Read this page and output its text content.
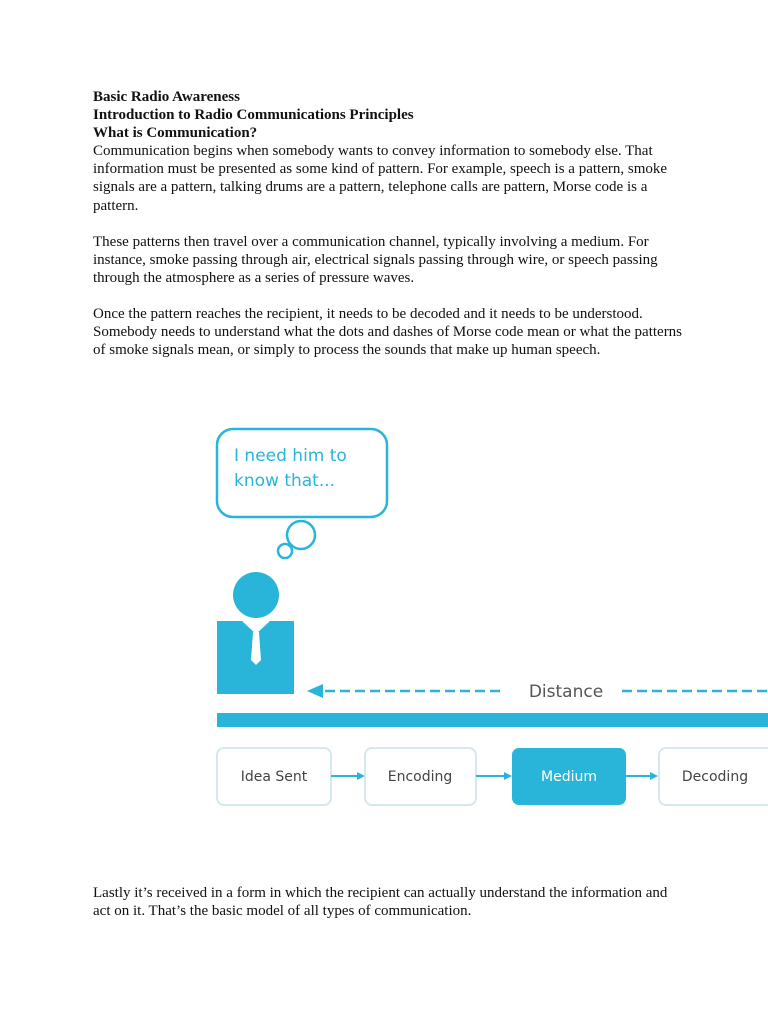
Basic Radio Awareness
Introduction to Radio Communications Principles
What is Communication?
Communication begins when somebody wants to convey information to somebody else. That information must be presented as some kind of pattern. For example, speech is a pattern, smoke signals are a pattern, talking drums are a pattern, telephone calls are pattern, Morse code is a pattern.
These patterns then travel over a communication channel, typically involving a medium. For instance, smoke passing through air, electrical signals passing through wire, or speech passing through the atmosphere as a series of pressure waves.
Once the pattern reaches the recipient, it needs to be decoded and it needs to be understood. Somebody needs to understand what the dots and dashes of Morse code mean or what the patterns of smoke signals mean, or simply to process the sounds that make up human speech.
I need him to
know that...
Distance
Idea Sent	Encoding	Medium	Decoding
Lastly it’s received in a form in which the recipient can actually understand the information and act on it. That’s the basic model of all types of communication.
